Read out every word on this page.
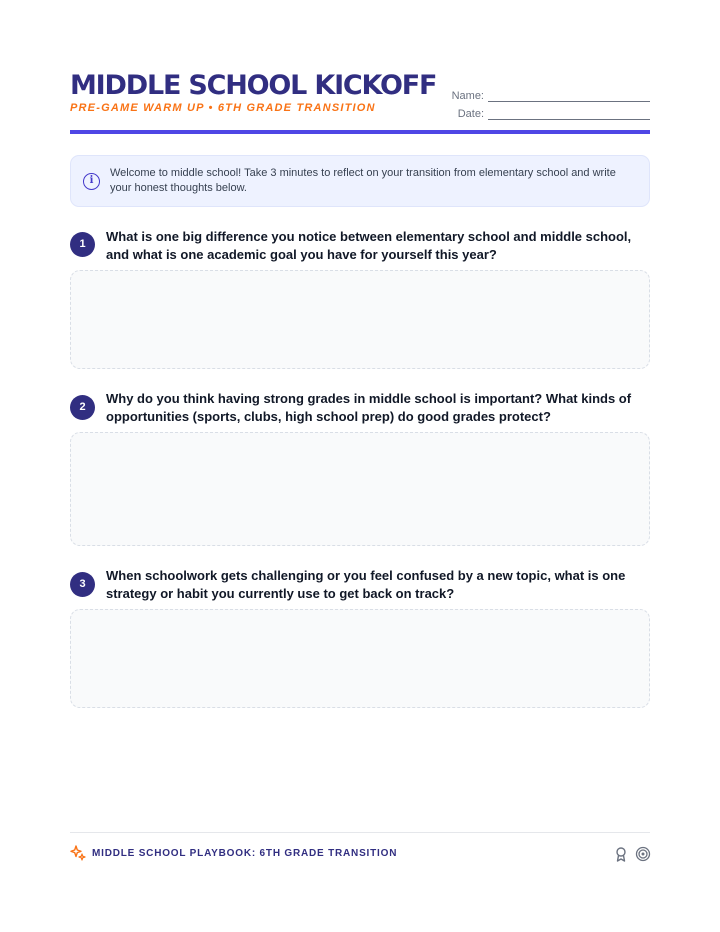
MIDDLE SCHOOL KICKOFF
PRE-GAME WARM UP • 6TH GRADE TRANSITION
Name:
Date:
i
Welcome to middle school! Take 3 minutes to reflect on your transition from elementary school and write your honest thoughts below.
1	What is one big difference you notice between elementary school and middle school, and what is one academic goal you have for yourself this year?
2
Why do you think having strong grades in middle school is important? What kinds of opportunities (sports, clubs, high school prep) do good grades protect?
3
When schoolwork gets challenging or you feel confused by a new topic, what is one strategy or habit you currently use to get back on track?
MIDDLE SCHOOL PLAYBOOK: 6TH GRADE TRANSITION
